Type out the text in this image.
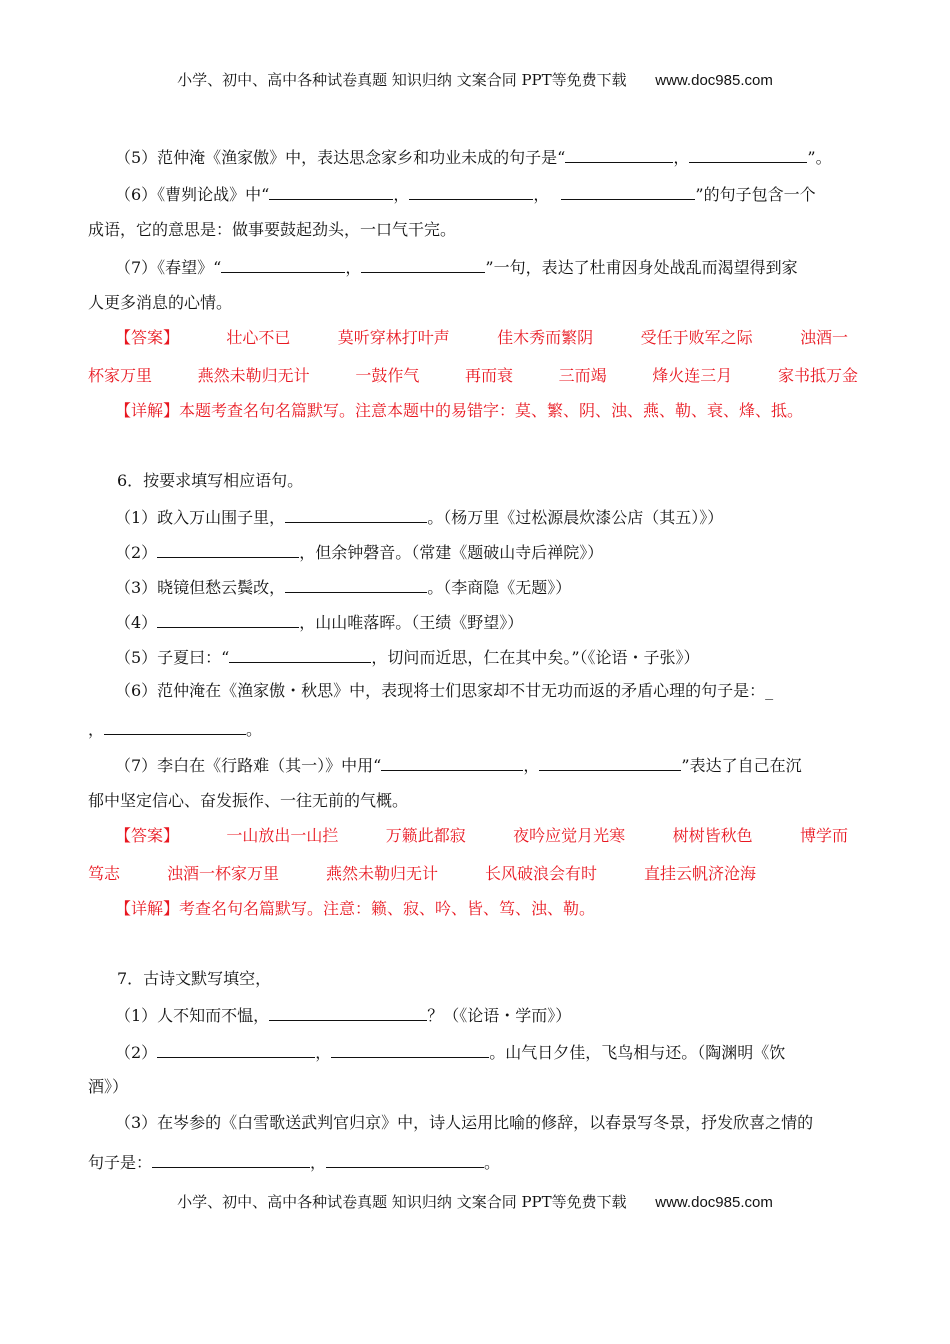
小学、初中、高中各种试卷真题 知识归纳 文案合同 PPT等免费下载 www.doc985.com
（5）范仲淹《渔家傲》中，表达思念家乡和功业未成的句子是“	，	”。
（6）《曹刿论战》中“	，	，	”的句子包含一个
成语，它的意思是：做事要鼓起劲头，一口气干完。
（7）《春望》“	，	”一句，表达了杜甫因身处战乱而渴望得到家
人更多消息的心情。
【答案】	壮心不已	莫听穿林打叶声	佳木秀而繁阴	受任于败军之际	浊酒一
杯家万里	燕然未勒归无计	一鼓作气	再而衰	三而竭	烽火连三月	家书抵万金
【详解】本题考查名句名篇默写。注意本题中的易错字：莫、繁、阴、浊、燕、勒、衰、烽、抵。
6．按要求填写相应语句。
（1）政入万山围子里，	。（杨万里《过松源晨炊漆公店（其五）》）
（2）	，但余钟磬音。（常建《题破山寺后禅院》）
（3）晓镜但愁云鬓改，	。（李商隐《无题》）
（4）	，山山唯落晖。（王绩《野望》）
（5）子夏曰：“	，切问而近思，仁在其中矣。”（《论语・子张》）
（6）范仲淹在《渔家傲・秋思》中，表现将士们思家却不甘无功而返的矛盾心理的句子是：_
，	。
（7）李白在《行路难（其一）》中用“	，	”表达了自己在沉
郁中坚定信心、奋发振作、一往无前的气概。
【答案】	一山放出一山拦	万籁此都寂	夜吟应觉月光寒	树树皆秋色	博学而
笃志	浊酒一杯家万里	燕然未勒归无计	长风破浪会有时	直挂云帆济沧海
【详解】考查名句名篇默写。注意：籁、寂、吟、皆、笃、浊、勒。
7．古诗文默写填空，
（1）人不知而不愠，	？（《论语・学而》）
（2）	，	。山气日夕佳，飞鸟相与还。（陶渊明《饮
酒》）
（3）在岑参的《白雪歌送武判官归京》中，诗人运用比喻的修辞，以春景写冬景，抒发欣喜之情的
句子是：	，	。
小学、初中、高中各种试卷真题 知识归纳 文案合同 PPT等免费下载 www.doc985.com
